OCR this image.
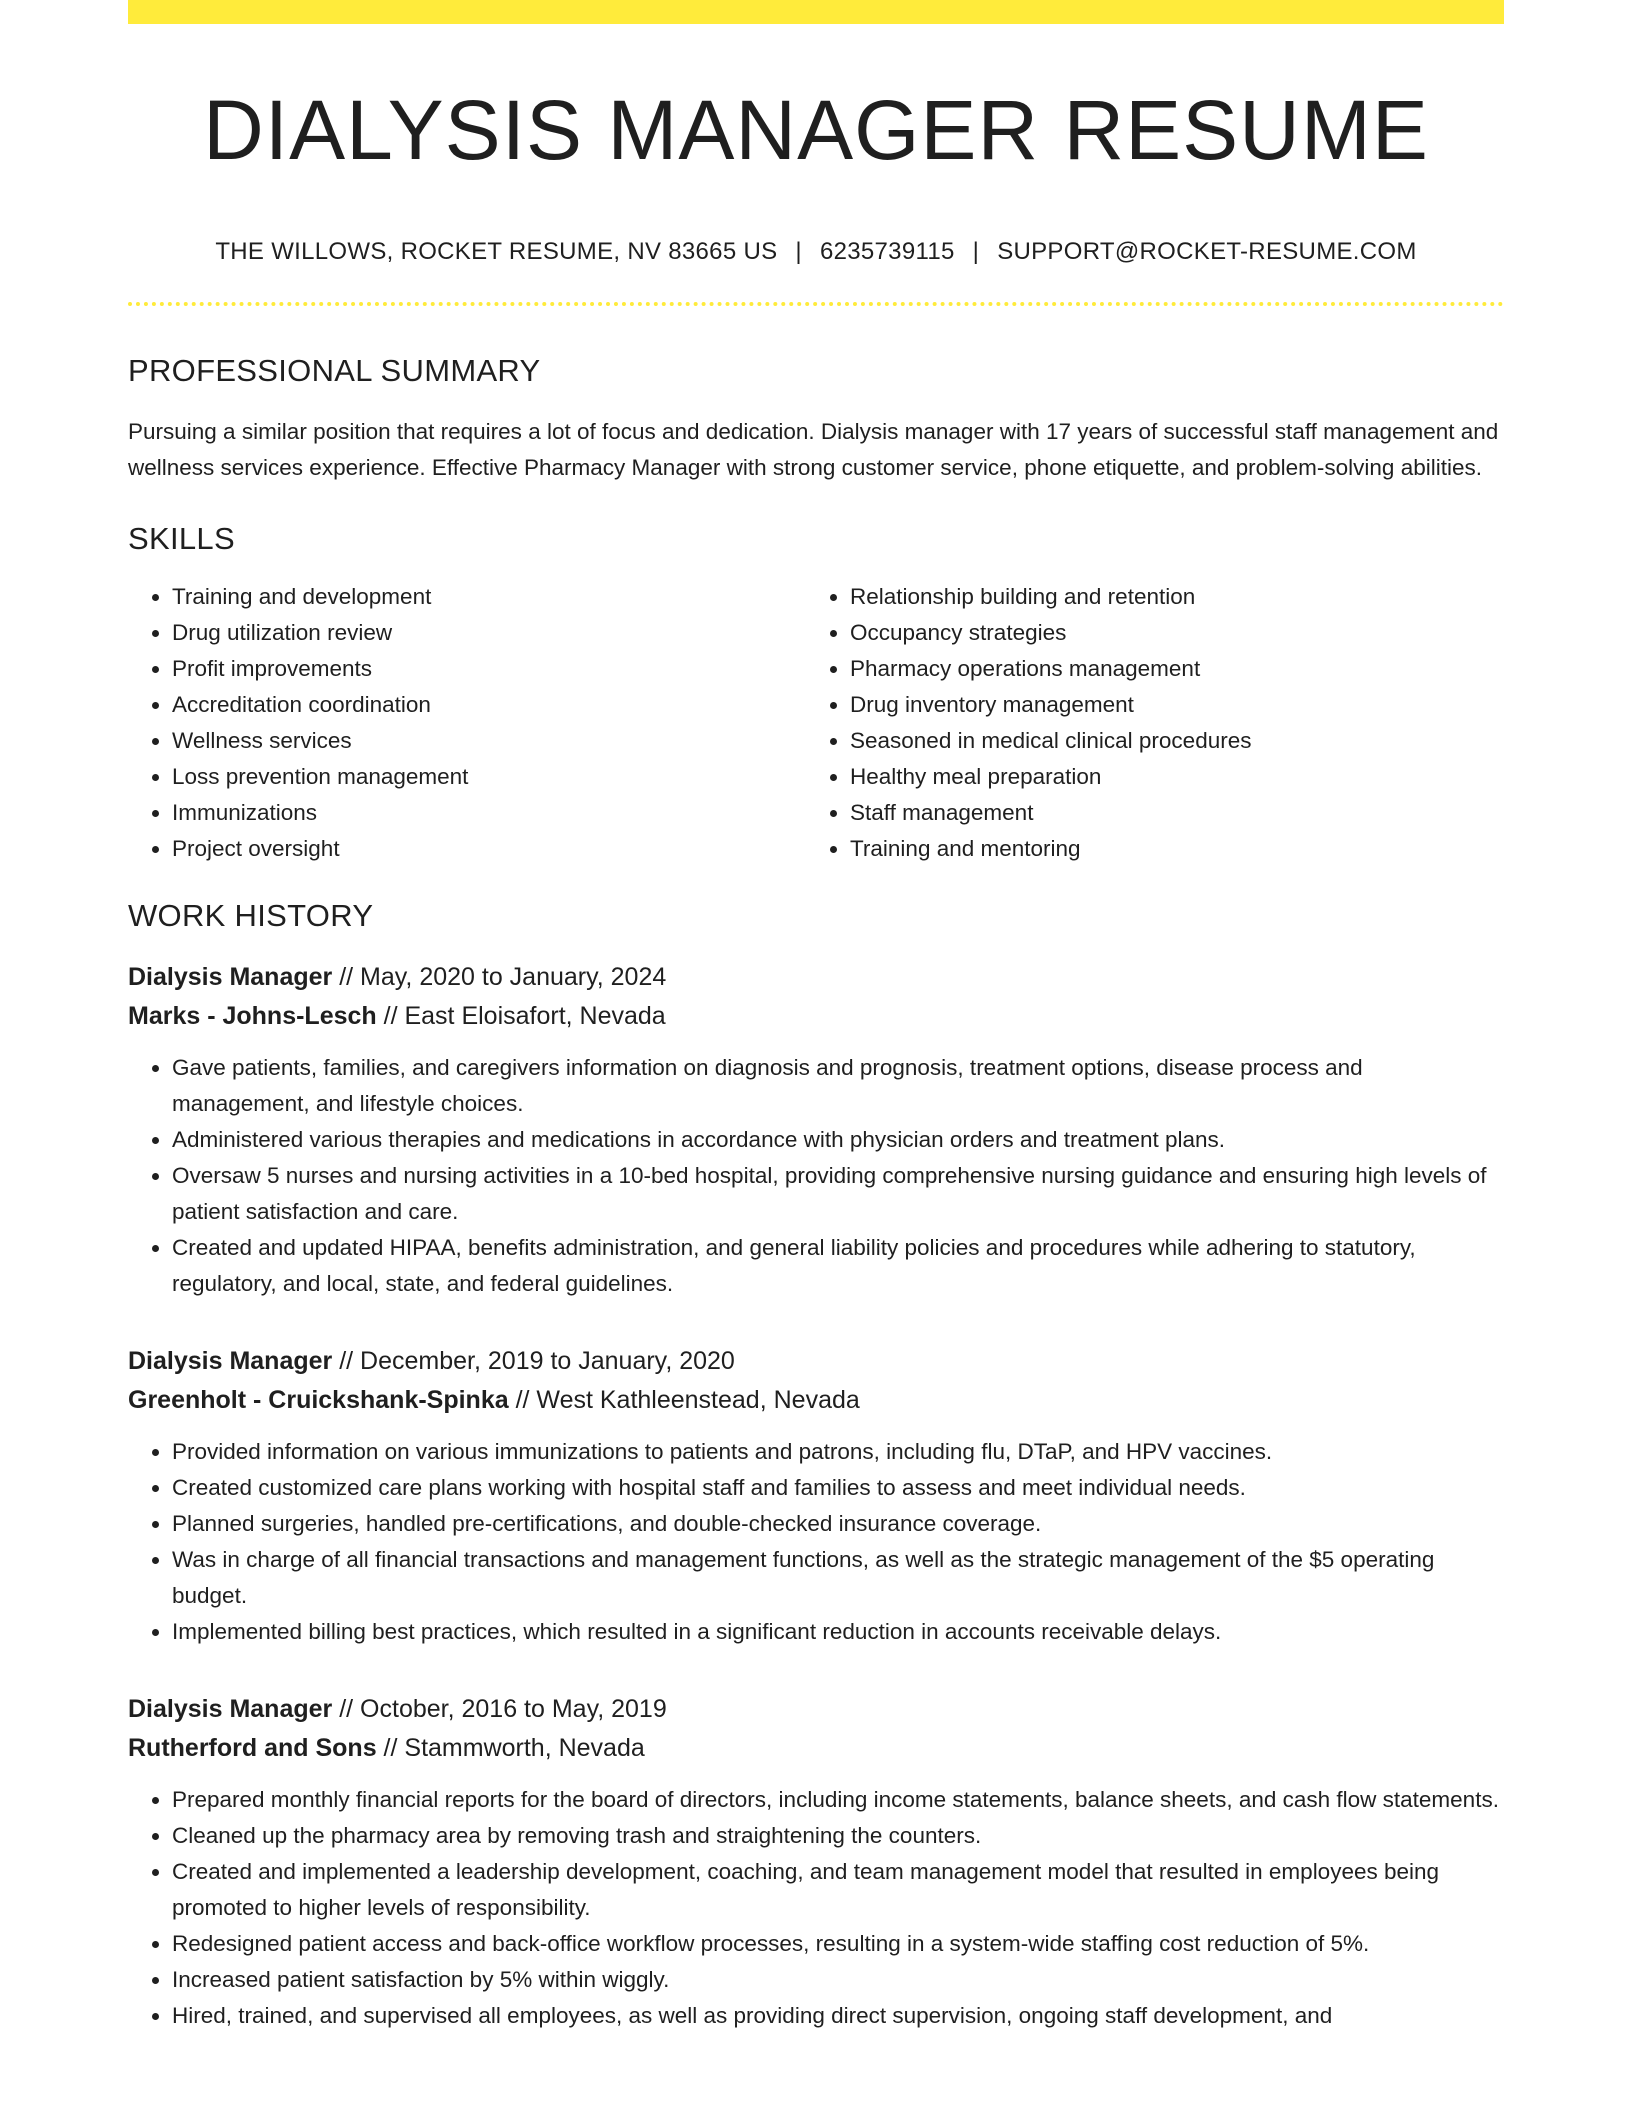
DIALYSIS MANAGER RESUME
THE WILLOWS, ROCKET RESUME, NV 83665 US | 6235739115 | SUPPORT@ROCKET-RESUME.COM
PROFESSIONAL SUMMARY

Pursuing a similar position that requires a lot of focus and dedication. Dialysis manager with 17 years of successful staff management and wellness services experience. Effective Pharmacy Manager with strong customer service, phone etiquette, and problem-solving abilities.

SKILLS
• Training and development
• Drug utilization review
• Profit improvements
• Accreditation coordination
• Wellness services
• Loss prevention management
• Immunizations
• Project oversight
• Relationship building and retention
• Occupancy strategies
• Pharmacy operations management
• Drug inventory management
• Seasoned in medical clinical procedures
• Healthy meal preparation
• Staff management
• Training and mentoring
WORK HISTORY
Dialysis Manager // May, 2020 to January, 2024
Marks - Johns-Lesch // East Eloisafort, Nevada
• Gave patients, families, and caregivers information on diagnosis and prognosis, treatment options, disease process and management, and lifestyle choices.
• Administered various therapies and medications in accordance with physician orders and treatment plans.
• Oversaw 5 nurses and nursing activities in a 10-bed hospital, providing comprehensive nursing guidance and ensuring high levels of patient satisfaction and care.
• Created and updated HIPAA, benefits administration, and general liability policies and procedures while adhering to statutory, regulatory, and local, state, and federal guidelines.
Dialysis Manager // December, 2019 to January, 2020
Greenholt - Cruickshank-Spinka // West Kathleenstead, Nevada
• Provided information on various immunizations to patients and patrons, including flu, DTaP, and HPV vaccines.
• Created customized care plans working with hospital staff and families to assess and meet individual needs.
• Planned surgeries, handled pre-certifications, and double-checked insurance coverage.
• Was in charge of all financial transactions and management functions, as well as the strategic management of the $5 operating budget.
• Implemented billing best practices, which resulted in a significant reduction in accounts receivable delays.
Dialysis Manager // October, 2016 to May, 2019
Rutherford and Sons // Stammworth, Nevada
• Prepared monthly financial reports for the board of directors, including income statements, balance sheets, and cash flow statements.
• Cleaned up the pharmacy area by removing trash and straightening the counters.
• Created and implemented a leadership development, coaching, and team management model that resulted in employees being promoted to higher levels of responsibility.
• Redesigned patient access and back-office workflow processes, resulting in a system-wide staffing cost reduction of 5%.
• Increased patient satisfaction by 5% within wiggly.
• Hired, trained, and supervised all employees, as well as providing direct supervision, ongoing staff development, and
